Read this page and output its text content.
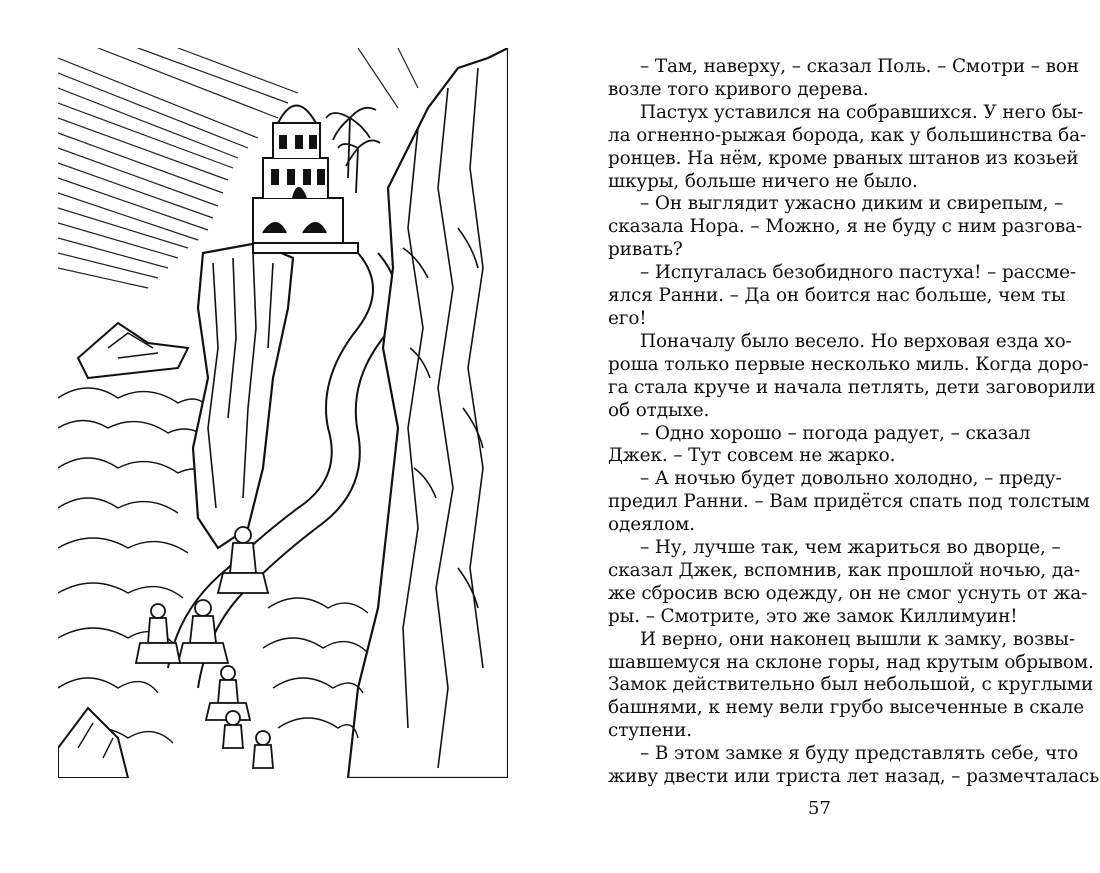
– Там, наверху, – сказал Поль. – Смотри – вон

возле того кривого дерева.

Пастух уставился на собравшихся. У него бы-

ла огненно-рыжая борода, как у большинства ба-
ронцев. На нём, кроме рваных штанов из козьей

шкуры, больше ничего не было.

– Он выглядит ужасно диким и свирепым, –

сказала Нора. – Можно, я не буду с ним разгова-

ривать?

– Испугалась безобидного пастуха! – рассме-

ялся Ранни. – Да он боится нас больше, чем ты

его!

Поначалу было весело. Но верховая езда хо-

роша только первые несколько миль. Когда доро-
га стала круче и начала петлять, дети заговорили

об отдыхе.

– Одно хорошо – погода радует, – сказал

Джек. – Тут совсем не жарко.

– А ночью будет довольно холодно, – преду-

предил Ранни. – Вам придётся спать под толстым

одеялом.

– Ну, лучше так, чем жариться во дворце, –

сказал Джек, вспомнив, как прошлой ночью, да-
же сбросив всю одежду, он не смог уснуть от жа-

ры. – Смотрите, это же замок Киллимуин!

И верно, они наконец вышли к замку, возвы-

шавшемуся на склоне горы, над крутым обрывом.
Замок действительно был небольшой, с круглыми
башнями, к нему вели грубо высеченные в скале

ступени.

– В этом замке я буду представлять себе, что

живу двести или триста лет назад, – размечталась

57
